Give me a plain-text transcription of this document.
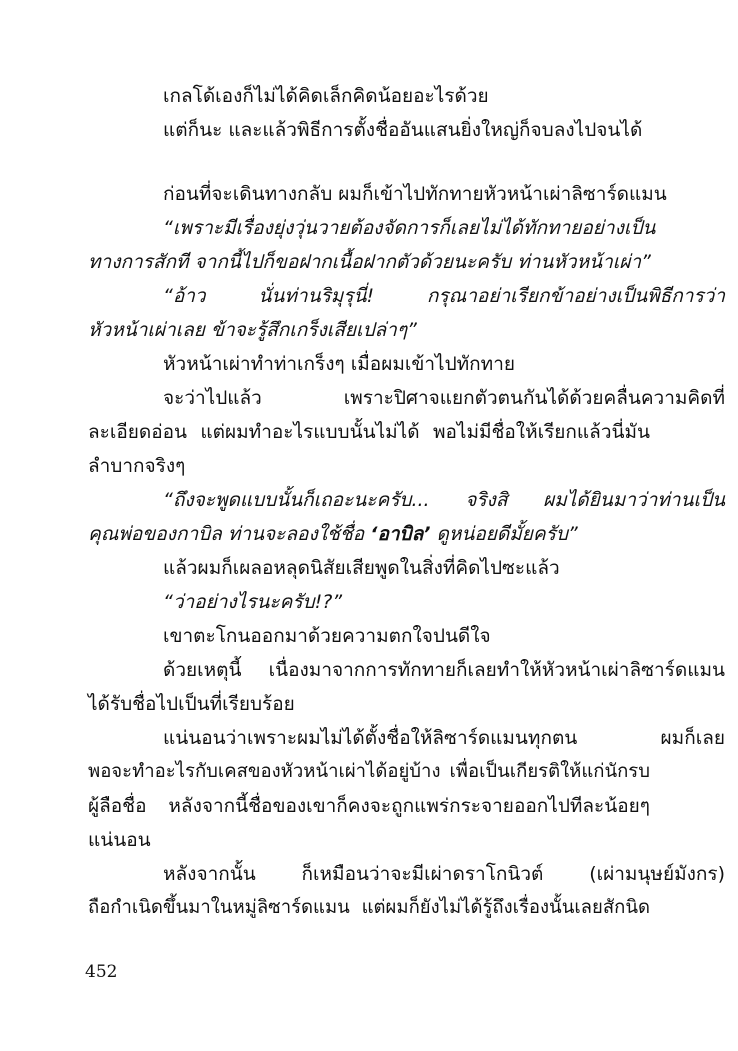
เกลโด้เองก็ไม่ได้คิดเล็กคิดน้อยอะไรด้วย
แต่ก็นะ และแล้วพิธีการตั้งชื่ออันแสนยิ่งใหญ่ก็จบลงไปจนได้
ก่อนที่จะเดินทางกลับ ผมก็เข้าไปทักทายหัวหน้าเผ่าลิซาร์ดแมน
“เพราะมีเรื่องยุ่งวุ่นวายต้องจัดการก็เลยไม่ได้ทักทายอย่างเป็น
ทางการสักที จากนี้ไปก็ขอฝากเนื้อฝากตัวด้วยนะครับ ท่านหัวหน้าเผ่า”
“อ้าว นั่นท่านริมุรุนี่! กรุณาอย่าเรียกข้าอย่างเป็นพิธีการว่า
หัวหน้าเผ่าเลย ข้าจะรู้สึกเกร็งเสียเปล่าๆ”
หัวหน้าเผ่าทำท่าเกร็งๆ เมื่อผมเข้าไปทักทาย
จะว่าไปแล้ว เพราะปิศาจแยกตัวตนกันได้ด้วยคลื่นความคิดที่
ละเอียดอ่อน แต่ผมทำอะไรแบบนั้นไม่ได้ พอไม่มีชื่อให้เรียกแล้วนี่มัน
ลำบากจริงๆ
“ถึงจะพูดแบบนั้นก็เถอะนะครับ... จริงสิ ผมได้ยินมาว่าท่านเป็น
คุณพ่อของกาบิล ท่านจะลองใช้ชื่อ ‘อาบิล’ ดูหน่อยดีมั้ยครับ”
แล้วผมก็เผลอหลุดนิสัยเสียพูดในสิ่งที่คิดไปซะแล้ว
“ว่าอย่างไรนะครับ!?”
เขาตะโกนออกมาด้วยความตกใจปนดีใจ
ด้วยเหตุนี้ เนื่องมาจากการทักทายก็เลยทำให้หัวหน้าเผ่าลิซาร์ดแมน
ได้รับชื่อไปเป็นที่เรียบร้อย
แน่นอนว่าเพราะผมไม่ได้ตั้งชื่อให้ลิซาร์ดแมนทุกตน ผมก็เลย
พอจะทำอะไรกับเคสของหัวหน้าเผ่าได้อยู่บ้าง เพื่อเป็นเกียรติให้แก่นักรบ
ผู้ลือชื่อ หลังจากนี้ชื่อของเขาก็คงจะถูกแพร่กระจายออกไปทีละน้อยๆ
แน่นอน
หลังจากนั้น ก็เหมือนว่าจะมีเผ่าดราโกนิวต์ (เผ่ามนุษย์มังกร)
ถือกำเนิดขึ้นมาในหมู่ลิซาร์ดแมน แต่ผมก็ยังไม่ได้รู้ถึงเรื่องนั้นเลยสักนิด
452
